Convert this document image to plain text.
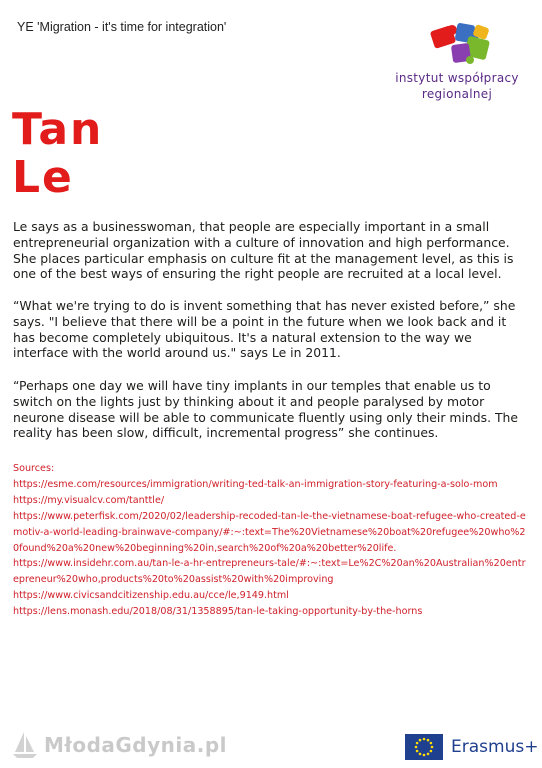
YE 'Migration - it's time for integration'
instytut współpracy
regionalnej
Tan
Le

Le says as a businesswoman, that people are especially important in a small entrepreneurial organization with a culture of innovation and high performance. She places particular emphasis on culture fit at the management level, as this is one of the best ways of ensuring the right people are recruited at a local level.

“What we're trying to do is invent something that has never existed before,” she says. "I believe that there will be a point in the future when we look back and it has become completely ubiquitous. It's a natural extension to the way we interface with the world around us." says Le in 2011.

“Perhaps one day we will have tiny implants in our temples that enable us to switch on the lights just by thinking about it and people paralysed by motor neurone disease will be able to communicate fluently using only their minds. The reality has been slow, difficult, incremental progress” she continues.

Sources:
https://esme.com/resources/immigration/writing-ted-talk-an-immigration-story-featuring-a-solo-mom
https://my.visualcv.com/tanttle/
https://www.peterfisk.com/2020/02/leadership-recoded-tan-le-the-vietnamese-boat-refugee-who-created-emotiv-a-world-leading-brainwave-company/#:~:text=The%20Vietnamese%20boat%20refugee%20who%20found%20a%20new%20beginning%20in,search%20of%20a%20better%20life.
https://www.insidehr.com.au/tan-le-a-hr-entrepreneurs-tale/#:~:text=Le%2C%20an%20Australian%20entrepreneur%20who,products%20to%20assist%20with%20improving
https://www.civicsandcitizenship.edu.au/cce/le,9149.html
https://lens.monash.edu/2018/08/31/1358895/tan-le-taking-opportunity-by-the-horns
MłodaGdynia.pl	Erasmus+
